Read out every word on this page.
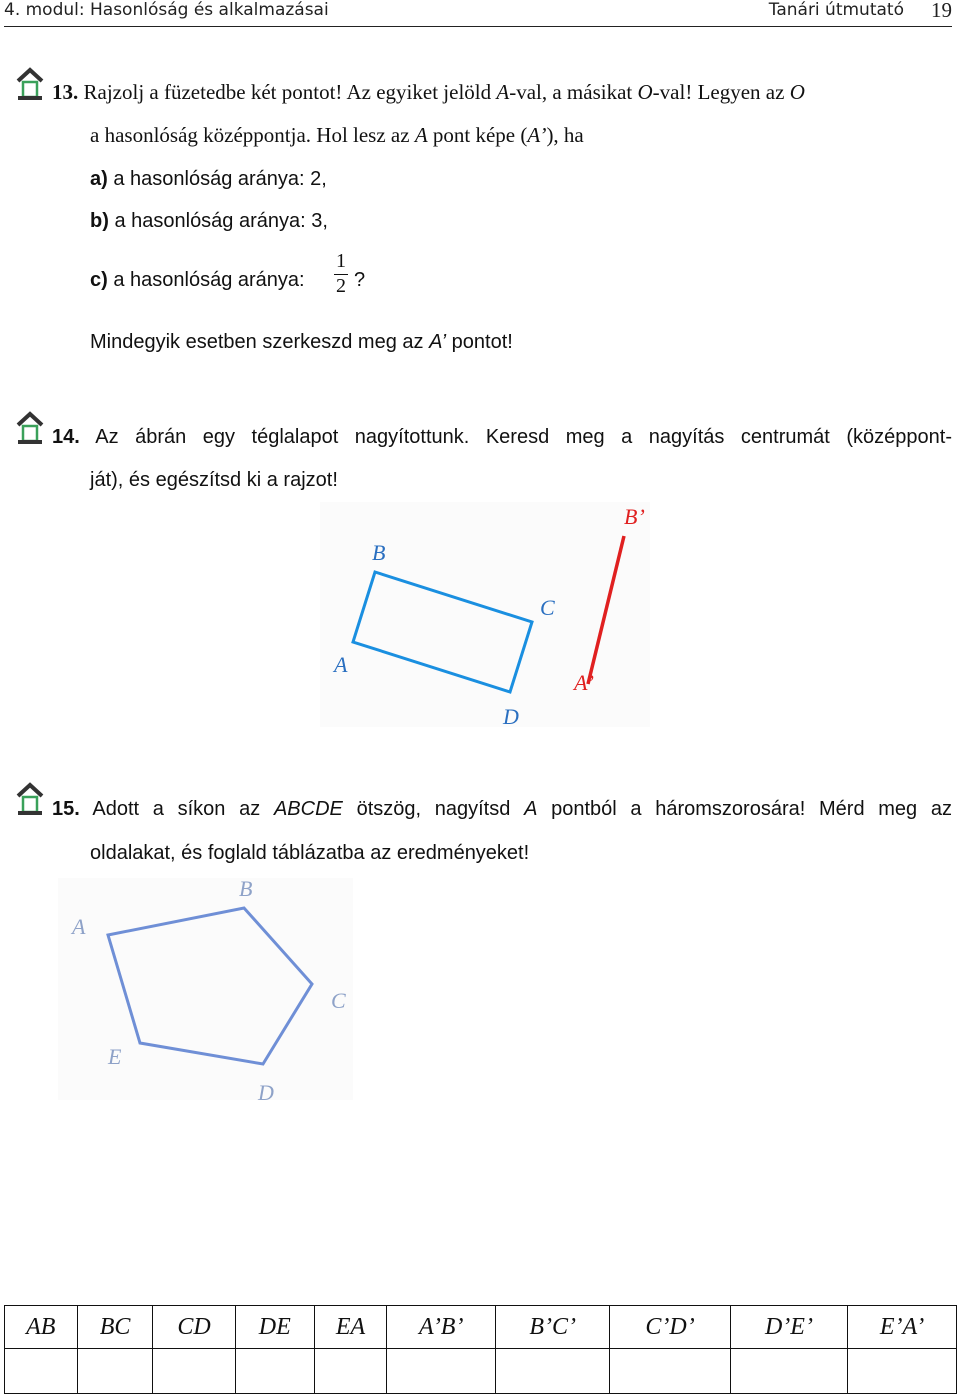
4. modul: Hasonlóság és alkalmazásai	Tanári útmutató 19
13. Rajzolj a füzetedbe két pontot! Az egyiket jelöld A-val, a másikat O-val! Legyen az O
a hasonlóság középpontja. Hol lesz az A pont képe (A’), ha
a) a hasonlóság aránya: 2,
b) a hasonlóság aránya: 3,
c) a hasonlóság aránya:
1
2 ?
Mindegyik esetben szerkeszd meg az A’ pontot!
14. Az ábrán egy téglalapot nagyítottunk. Keresd meg a nagyítás centrumát (középpont-
ját), és egészítsd ki a rajzot!
B
C
A
D
B’
A’
15. Adott a síkon az ABCDE ötszög, nagyítsd A pontból a háromszorosára! Mérd meg az
oldalakat, és foglald táblázatba az eredményeket!
A
B
C
E
D
AB	BC	CD	DE	EA	A’B’	B’C’	C’D’	D’E’	E’A’
